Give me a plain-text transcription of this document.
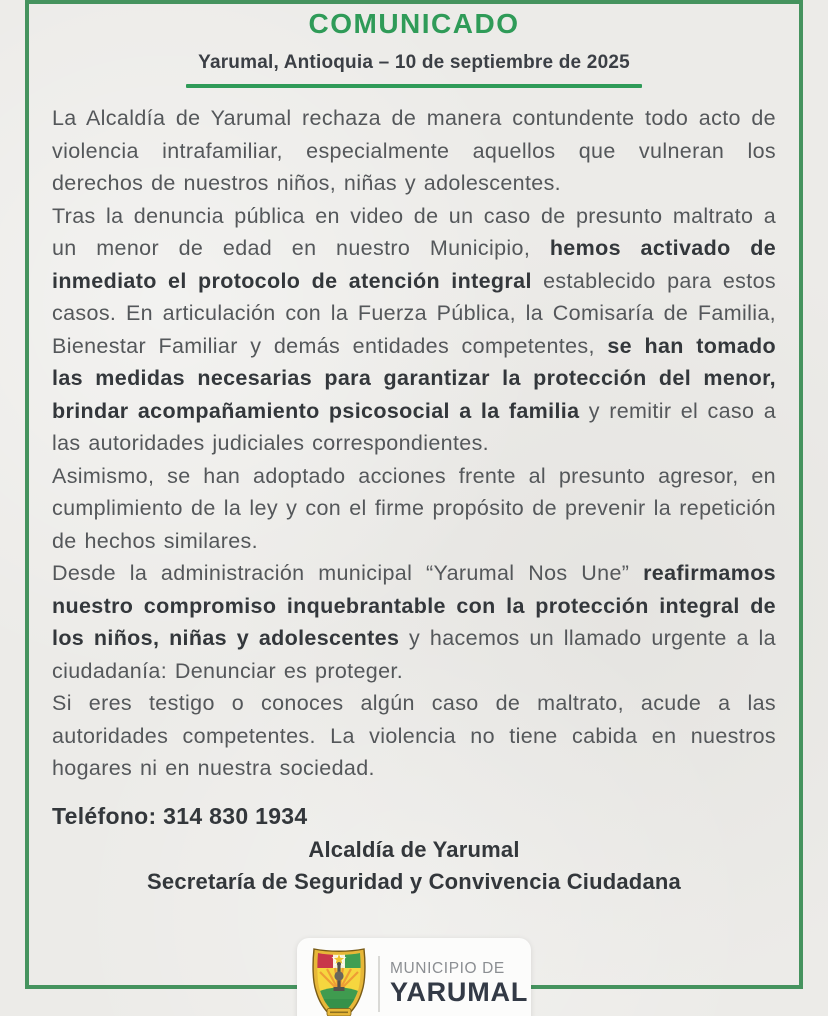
COMUNICADO
Yarumal, Antioquia – 10 de septiembre de 2025

La Alcaldía de Yarumal rechaza de manera contundente todo acto de violencia intrafamiliar, especialmente aquellos que vulneran los derechos de nuestros niños, niñas y adolescentes.

Tras la denuncia pública en video de un caso de presunto maltrato a un menor de edad en nuestro Municipio, hemos activado de inmediato el protocolo de atención integral establecido para estos casos. En articulación con la Fuerza Pública, la Comisaría de Familia, Bienestar Familiar y demás entidades competentes, se han tomado las medidas necesarias para garantizar la protección del menor, brindar acompañamiento psicosocial a la familia y remitir el caso a las autoridades judiciales correspondientes.

Asimismo, se han adoptado acciones frente al presunto agresor, en cumplimiento de la ley y con el firme propósito de prevenir la repetición de hechos similares.

Desde la administración municipal “Yarumal Nos Une” reafirmamos nuestro compromiso inquebrantable con la protección integral de los niños, niñas y adolescentes y hacemos un llamado urgente a la ciudadanía: Denunciar es proteger.

Si eres testigo o conoces algún caso de maltrato, acude a las autoridades competentes. La violencia no tiene cabida en nuestros hogares ni en nuestra sociedad.

Teléfono: 314 830 1934
Alcaldía de Yarumal
Secretaría de Seguridad y Convivencia Ciudadana
MUNICIPIO DE
YARUMAL
